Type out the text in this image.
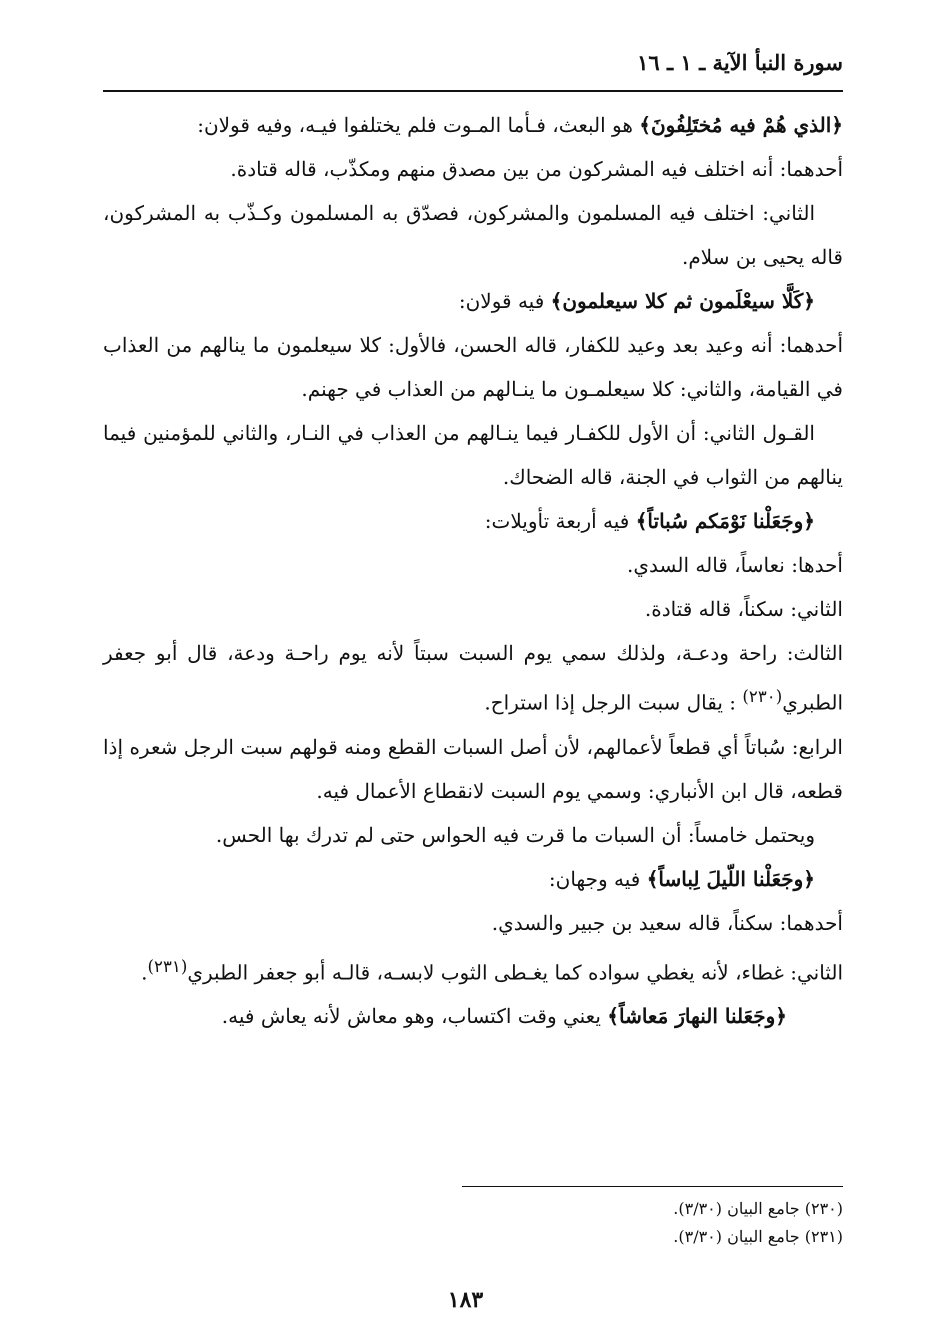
سورة النبأ الآية ـ ١ ـ ١٦

﴿الذي هُمْ فيه مُختَلِفُونَ﴾ هو البعث، فـأما المـوت فلم يختلفوا فيـه، وفيه قولان:

أحدهما: أنه اختلف فيه المشركون من بين مصدق منهم ومكذّب، قاله قتادة.

الثاني: اختلف فيه المسلمون والمشركون، فصدّق به المسلمون وكـذّب به المشركون، قاله يحيى بن سلام.

﴿كَلَّا سيعْلَمون ثم كلا سيعلمون﴾ فيه قولان:

أحدهما: أنه وعيد بعد وعيد للكفار، قاله الحسن، فالأول: كلا سيعلمون ما ينالهم من العذاب في القيامة، والثاني: كلا سيعلمـون ما ينـالهم من العذاب في جهنم.

القـول الثاني: أن الأول للكفـار فيما ينـالهم من العذاب في النـار، والثاني للمؤمنين فيما ينالهم من الثواب في الجنة، قاله الضحاك.

﴿وجَعَلْنا نَوْمَكم سُباتاً﴾ فيه أربعة تأويلات:

أحدها: نعاساً، قاله السدي.

الثاني: سكناً، قاله قتادة.

الثالث: راحة ودعـة، ولذلك سمي يوم السبت سبتاً لأنه يوم راحـة ودعة، قال أبو جعفر الطبري$^{(٢٣٠)}$ : يقال سبت الرجل إذا استراح.

الرابع: سُباتاً أي قطعاً لأعمالهم، لأن أصل السبات القطع ومنه قولهم سبت الرجل شعره إذا قطعه، قال ابن الأنباري: وسمي يوم السبت لانقطاع الأعمال فيه.

ويحتمل خامساً: أن السبات ما قرت فيه الحواس حتى لم تدرك بها الحس.

﴿وجَعَلْنا اللّيلَ لِباساً﴾ فيه وجهان:

أحدهما: سكناً، قاله سعيد بن جبير والسدي.

الثاني: غطاء، لأنه يغطي سواده كما يغـطى الثوب لابسـه، قالـه أبو جعفر الطبري$^{(٢٣١)}$.

﴿وجَعَلنا النهارَ مَعاشاً﴾ يعني وقت اكتساب، وهو معاش لأنه يعاش فيه.

(٢٣٠) جامع البيان (٣/٣٠).

(٢٣١) جامع البيان (٣/٣٠).

١٨٣
